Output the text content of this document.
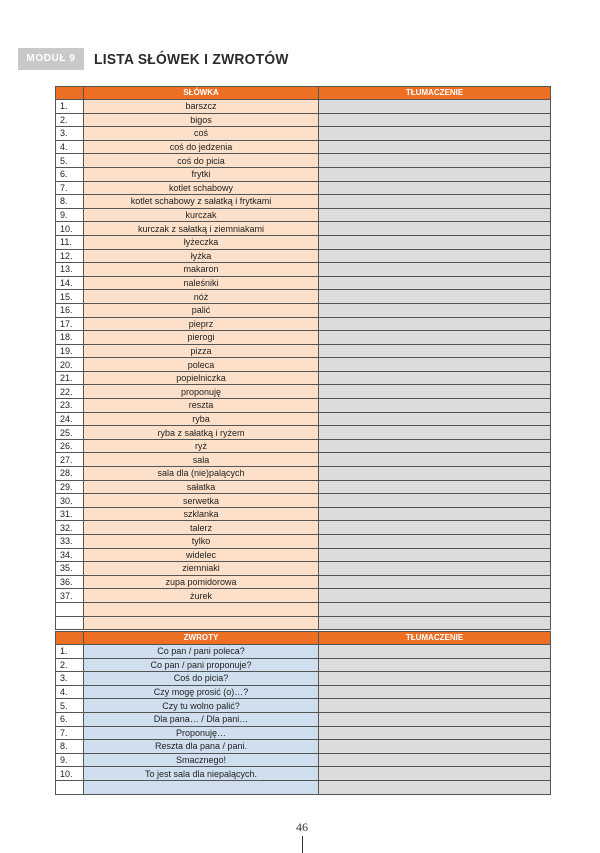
MODUŁ 9	LISTA SŁÓWEK I ZWROTÓW
	SŁÓWKA	TŁUMACZENIE
1.	barszcz	
2.	bigos	
3.	coś	
4.	coś do jedzenia	
5.	coś do picia	
6.	frytki	
7.	kotlet schabowy	
8.	kotlet schabowy z sałatką i frytkami	
9.	kurczak	
10.	kurczak z sałatką i ziemniakami	
11.	łyżeczka	
12.	łyżka	
13.	makaron	
14.	naleśniki	
15.	nóż	
16.	palić	
17.	pieprz	
18.	pierogi	
19.	pizza	
20.	poleca	
21.	popielniczka	
22.	proponuję	
23.	reszta	
24.	ryba	
25.	ryba z sałatką i ryżem	
26.	ryż	
27.	sala	
28.	sala dla (nie)palących	
29.	sałatka	
30.	serwetka	
31.	szklanka	
32.	talerz	
33.	tylko	
34.	widelec	
35.	ziemniaki	
36.	zupa pomidorowa	
37.	żurek	

	ZWROTY	TŁUMACZENIE
1.	Co pan / pani poleca?	
2.	Co pan / pani proponuje?	
3.	Coś do picia?	
4.	Czy mogę prosić (o)…?	
5.	Czy tu wolno palić?	
6.	Dla pana… / Dla pani…	
7.	Proponuję…	
8.	Reszta dla pana / pani.	
9.	Smacznego!	
10.	To jest sala dla niepalących.	

46
